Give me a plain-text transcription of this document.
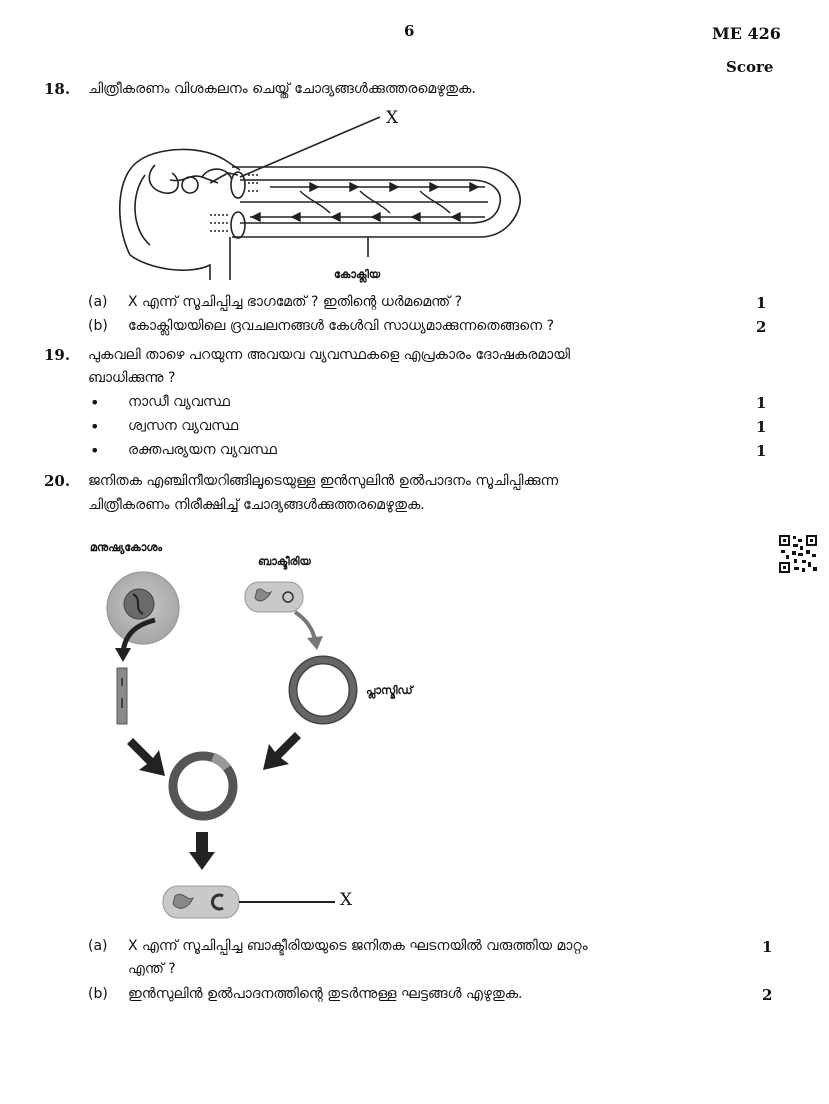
6	ME 426
Score
18. ചിത്രീകരണം വിശകലനം ചെയ്ത് ചോദ്യങ്ങൾക്കുത്തരമെഴുതുക.
X
കോക്ലിയ
(a) X എന്ന് സൂചിപ്പിച്ച ഭാഗമേത് ? ഇതിന്റെ ധർമമെന്ത് ?	1
(b) കോക്ലിയയിലെ ദ്രവചലനങ്ങൾ കേൾവി സാധ്യമാക്കുന്നതെങ്ങനെ ?	2
19. പുകവലി താഴെ പറയുന്ന അവയവ വ്യവസ്ഥകളെ എപ്രകാരം ദോഷകരമായി
ബാധിക്കുന്നു ?
• നാഡീ വ്യവസ്ഥ	1
• ശ്വസന വ്യവസ്ഥ	1
• രക്തപര്യയന വ്യവസ്ഥ	1
20. ജനിതക എഞ്ചിനീയറിങ്ങിലൂടെയുള്ള ഇൻസുലിൻ ഉൽപാദനം സൂചിപ്പിക്കുന്ന
ചിത്രീകരണം നിരീക്ഷിച്ച് ചോദ്യങ്ങൾക്കുത്തരമെഴുതുക.
മനുഷ്യകോശം
ബാക്ടീരിയ
പ്ലാസ്മിഡ്
X
(a) X എന്ന് സൂചിപ്പിച്ച ബാക്ടീരിയയുടെ ജനിതക ഘടനയിൽ വരുത്തിയ മാറ്റം
എന്ത് ?
1
(b) ഇൻസുലിൻ ഉൽപാദനത്തിന്റെ തുടർന്നുള്ള ഘട്ടങ്ങൾ എഴുതുക.	2
